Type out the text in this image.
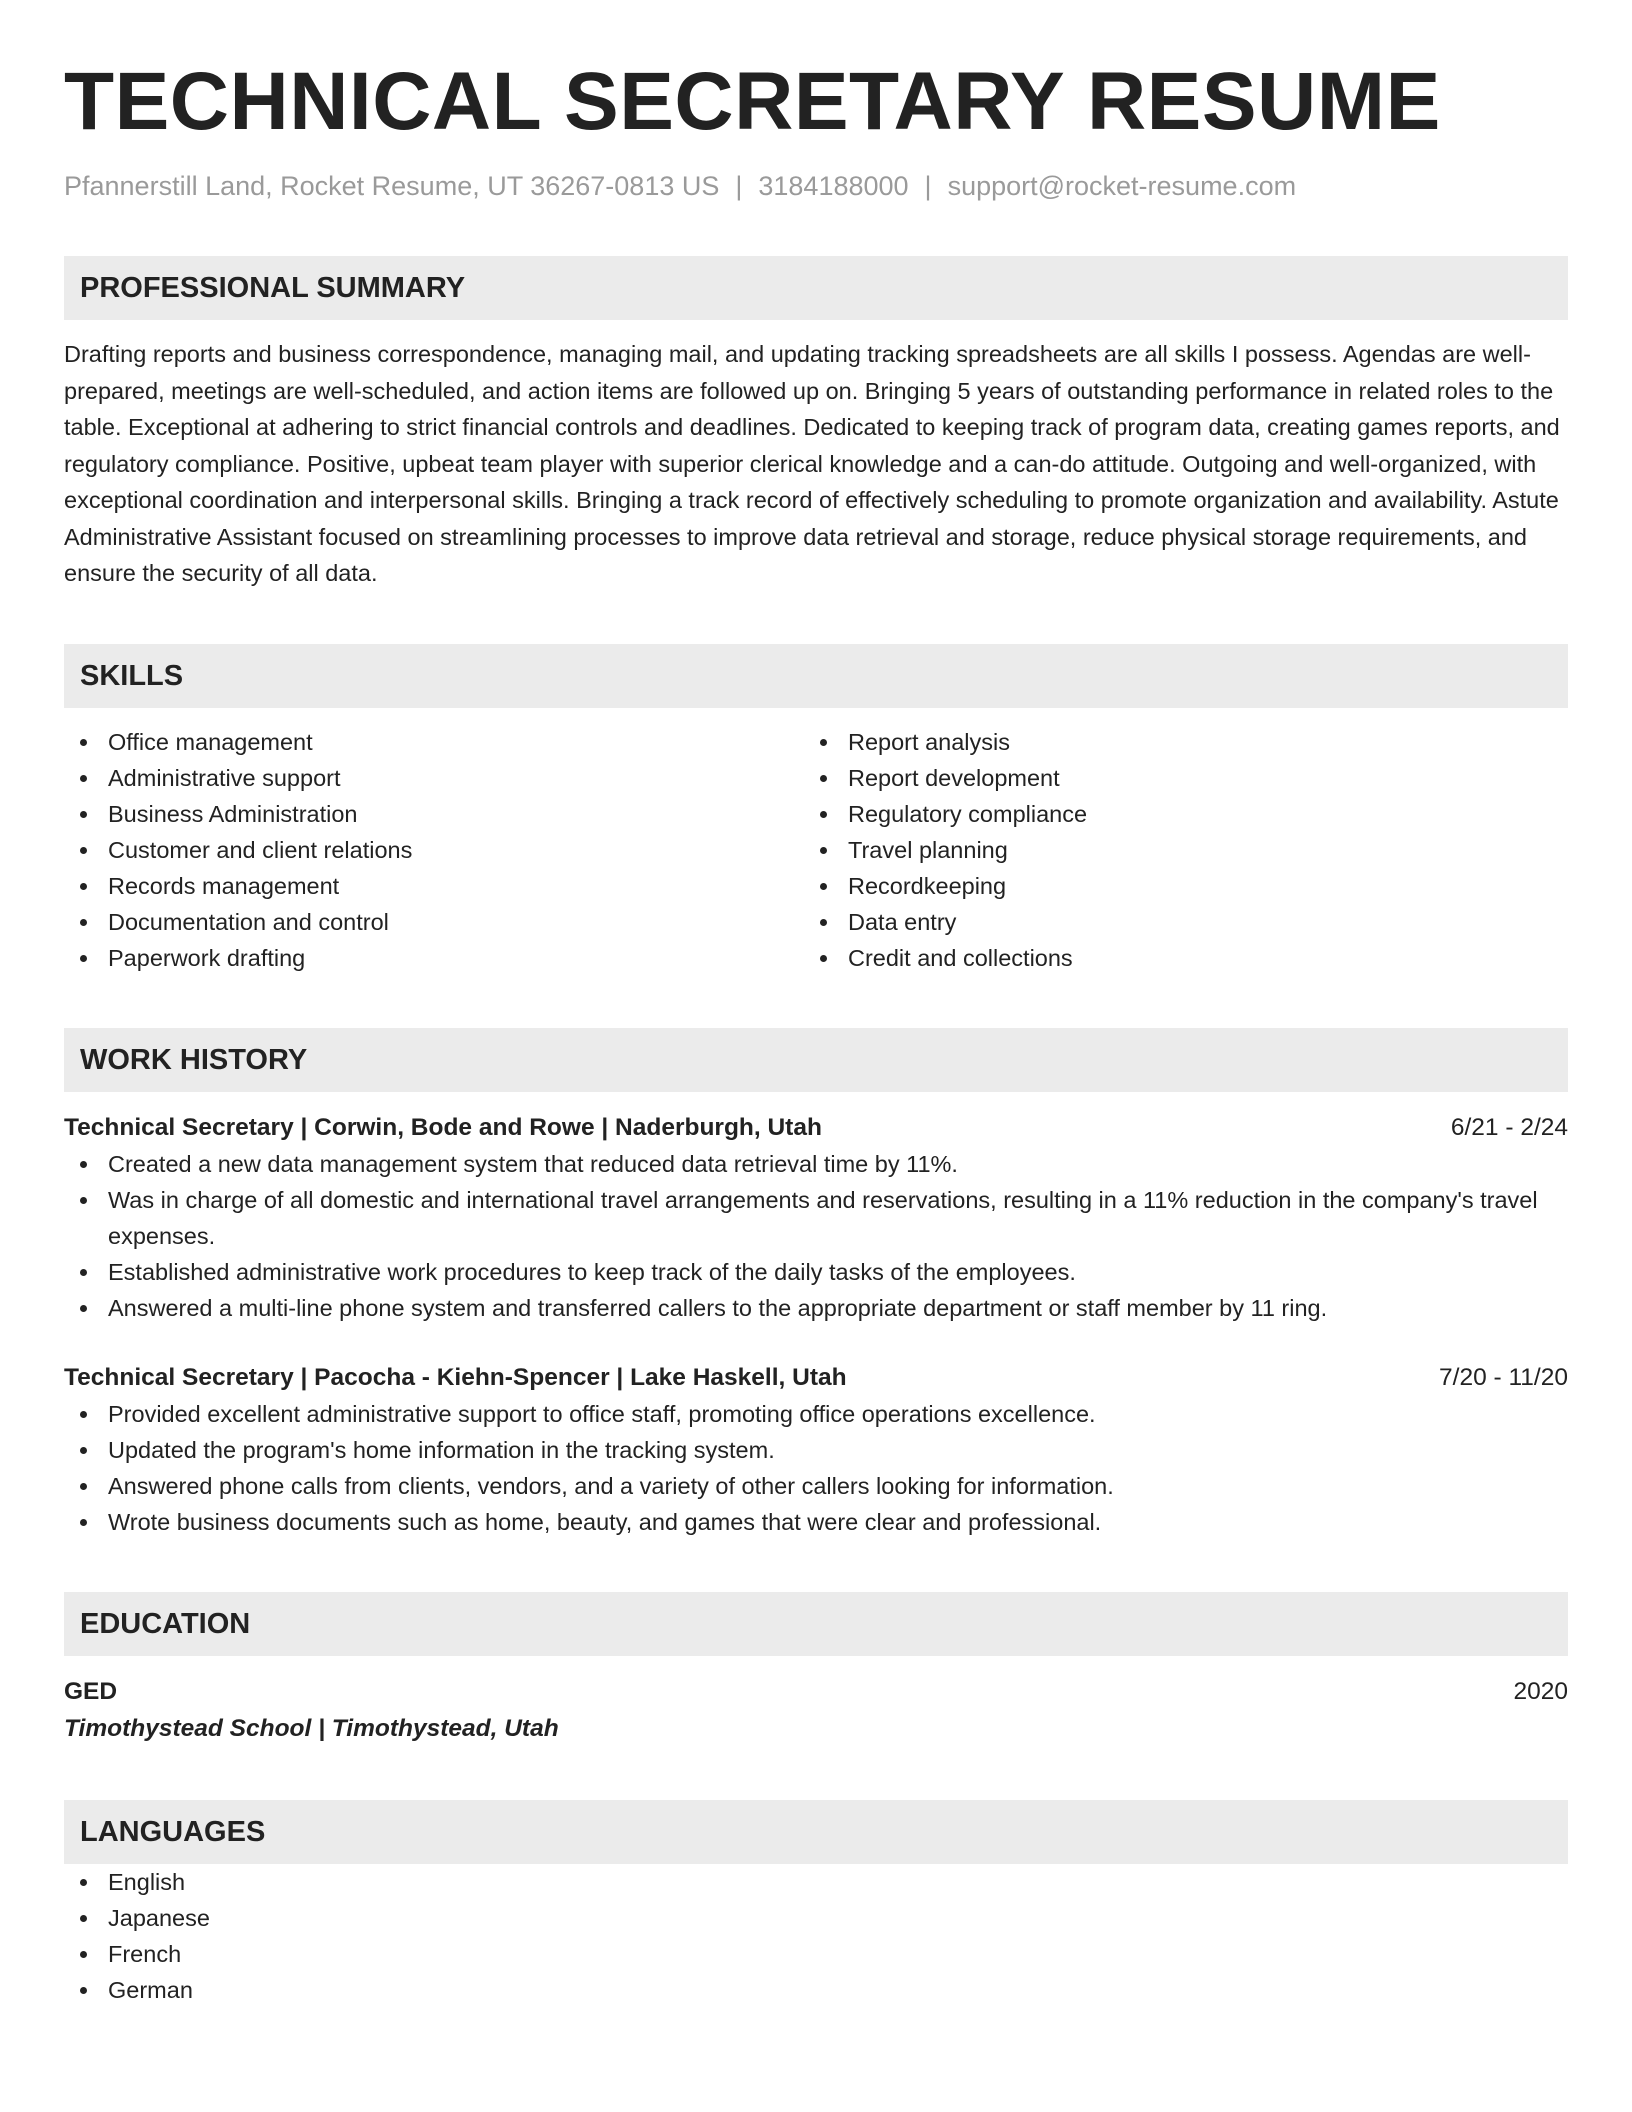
TECHNICAL SECRETARY RESUME
Pfannerstill Land, Rocket Resume, UT 36267-0813 US | 3184188000 | support@rocket-resume.com
PROFESSIONAL SUMMARY
Drafting reports and business correspondence, managing mail, and updating tracking spreadsheets are all skills I possess. Agendas are well-prepared, meetings are well-scheduled, and action items are followed up on. Bringing 5 years of outstanding performance in related roles to the table. Exceptional at adhering to strict financial controls and deadlines. Dedicated to keeping track of program data, creating games reports, and regulatory compliance. Positive, upbeat team player with superior clerical knowledge and a can-do attitude. Outgoing and well-organized, with exceptional coordination and interpersonal skills. Bringing a track record of effectively scheduling to promote organization and availability. Astute Administrative Assistant focused on streamlining processes to improve data retrieval and storage, reduce physical storage requirements, and ensure the security of all data.
SKILLS
Office management
Administrative support
Business Administration
Customer and client relations
Records management
Documentation and control
Paperwork drafting
Report analysis
Report development
Regulatory compliance
Travel planning
Recordkeeping
Data entry
Credit and collections
WORK HISTORY
Technical Secretary | Corwin, Bode and Rowe | Naderburgh, Utah	6/21 - 2/24
Created a new data management system that reduced data retrieval time by 11%.
Was in charge of all domestic and international travel arrangements and reservations, resulting in a 11% reduction in the company's travel expenses.
Established administrative work procedures to keep track of the daily tasks of the employees.
Answered a multi-line phone system and transferred callers to the appropriate department or staff member by 11 ring.
Technical Secretary | Pacocha - Kiehn-Spencer | Lake Haskell, Utah	7/20 - 11/20
Provided excellent administrative support to office staff, promoting office operations excellence.
Updated the program's home information in the tracking system.
Answered phone calls from clients, vendors, and a variety of other callers looking for information.
Wrote business documents such as home, beauty, and games that were clear and professional.
EDUCATION
GED	2020
Timothystead School | Timothystead, Utah
LANGUAGES
English
Japanese
French
German
